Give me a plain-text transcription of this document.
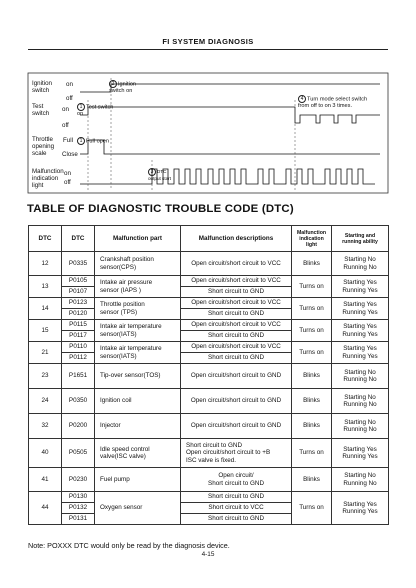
FI SYSTEM DIAGNOSIS
Ignition
switch
on
off
Test
switch
on
off
Throttle
opening
scale
Full
Close
Malfunction
indication
light
on
off
2 Ignition
switch on
1 Test switch
on
1 Full open
4 Turn mode select switch
from off to on 3 times.
3 DTC
output start
TABLE OF DIAGNOSTIC TROUBLE CODE (DTC)
DTC	DTC	Malfunction part	Malfunction descriptions	Malfunction
indication
light	Starting and
running ability
12	P0335	Crankshaft position
sensor(CPS)	Open circuit/short circuit to VCC	Blinks	Starting No
Running No
13	P0105	Intake air pressure
sensor (IAPS )	Open circuit/short circuit to VCC	Turns on	Starting Yes
Running Yes
	P0107		Short circuit to GND		
14	P0123	Throttle position
sensor (TPS)	Open circuit/short circuit to VCC	Turns on	Starting Yes
Running Yes
	P0120		Short circuit to GND		
15	P0115	Intake air temperature
sensor(IATS)	Open circuit/short circuit to VCC	Turns on	Starting Yes
Running Yes
	P0117		Short circuit to GND		
21	P0110	Intake air temperature
sensor(IATS)	Open circuit/short circuit to VCC	Turns on	Starting Yes
Running Yes
	P0112		Short circuit to GND		
23	P1651	Tip-over sensor(TOS)	Open circuit/short circuit to GND	Blinks	Starting No
Running No
24	P0350	Ignition coil	Open circuit/short circuit to GND	Blinks	Starting No
Running No
32	P0200	Injector	Open circuit/short circuit to GND	Blinks	Starting No
Running No
40	P0505	Idle speed control
valve(ISC valve)	Short circuit to GND
Open circuit/short circuit to +B
ISC valve is fixed.	Turns on	Starting Yes
Running Yes
41	P0230	Fuel pump	Open circuit/
Short circuit to GND	Blinks	Starting No
Running No
44	P0130	Oxygen sensor	Short circuit to GND	Turns on	Starting Yes
Running Yes
	P0132		Short circuit to VCC		
	P0131		Short circuit to GND		
Note: POXXX DTC would only be read by the diagnosis device.
4-15
